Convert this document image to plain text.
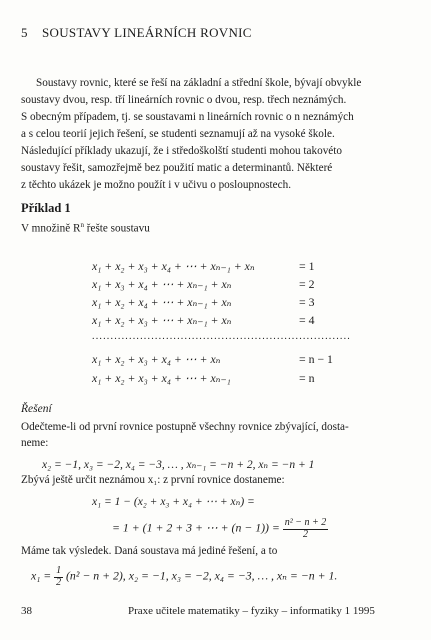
5 SOUSTAVY LINEÁRNÍCH ROVNIC
Soustavy rovnic, které se řeší na základní a střední škole, bývají obvykle
soustavy dvou, resp. tří lineárních rovnic o dvou, resp. třech neznámých.
S obecným případem, tj. se soustavami n lineárních rovnic o n neznámých
a s celou teorií jejich řešení, se studenti seznamují až na vysoké škole.
Následující příklady ukazují, že i středoškolští studenti mohou takovéto
soustavy řešit, samozřejmě bez použití matic a determinantů. Některé
z těchto ukázek je možno použít i v učivu o posloupnostech.
Příklad 1
V množině $R^n$ řešte soustavu
x₁ + x₂ + x₃ + x₄ + ⋯ + xₙ₋₁ + xₙ	= 1
x₁ + x₃ + x₄ + ⋯ + xₙ₋₁ + xₙ	= 2
x₁ + x₂ + x₄ + ⋯ + xₙ₋₁ + xₙ	= 3
x₁ + x₂ + x₃ + ⋯ + xₙ₋₁ + xₙ	= 4
......................................................................
x₁ + x₂ + x₃ + x₄ + ⋯ + xₙ	= n − 1
x₁ + x₂ + x₃ + x₄ + ⋯ + xₙ₋₁	= n
Řešení
Odečteme-li od první rovnice postupně všechny rovnice zbývající, dosta-
neme:
x₂ = −1, x₃ = −2, x₄ = −3, … , xₙ₋₁ = −n + 2, xₙ = −n + 1
Zbývá ještě určit neznámou x₁: z první rovnice dostaneme:
x₁ = 1 − (x₂ + x₃ + x₄ + ⋯ + xₙ) =
= 1 + (1 + 2 + 3 + ⋯ + $(n - 1)) = \frac{\text{n² − n + 2}}{2}$
Máme tak výsledek. Daná soustava má jediné řešení, a to
$x_1 = \frac{1}{2} (n^2 - n + 2)$, x₂ = −1, x₃ = −2, x₄ = −3, … , xₙ = −n + 1.
38	Praxe učitele matematiky – fyziky – informatiky 1 1995
